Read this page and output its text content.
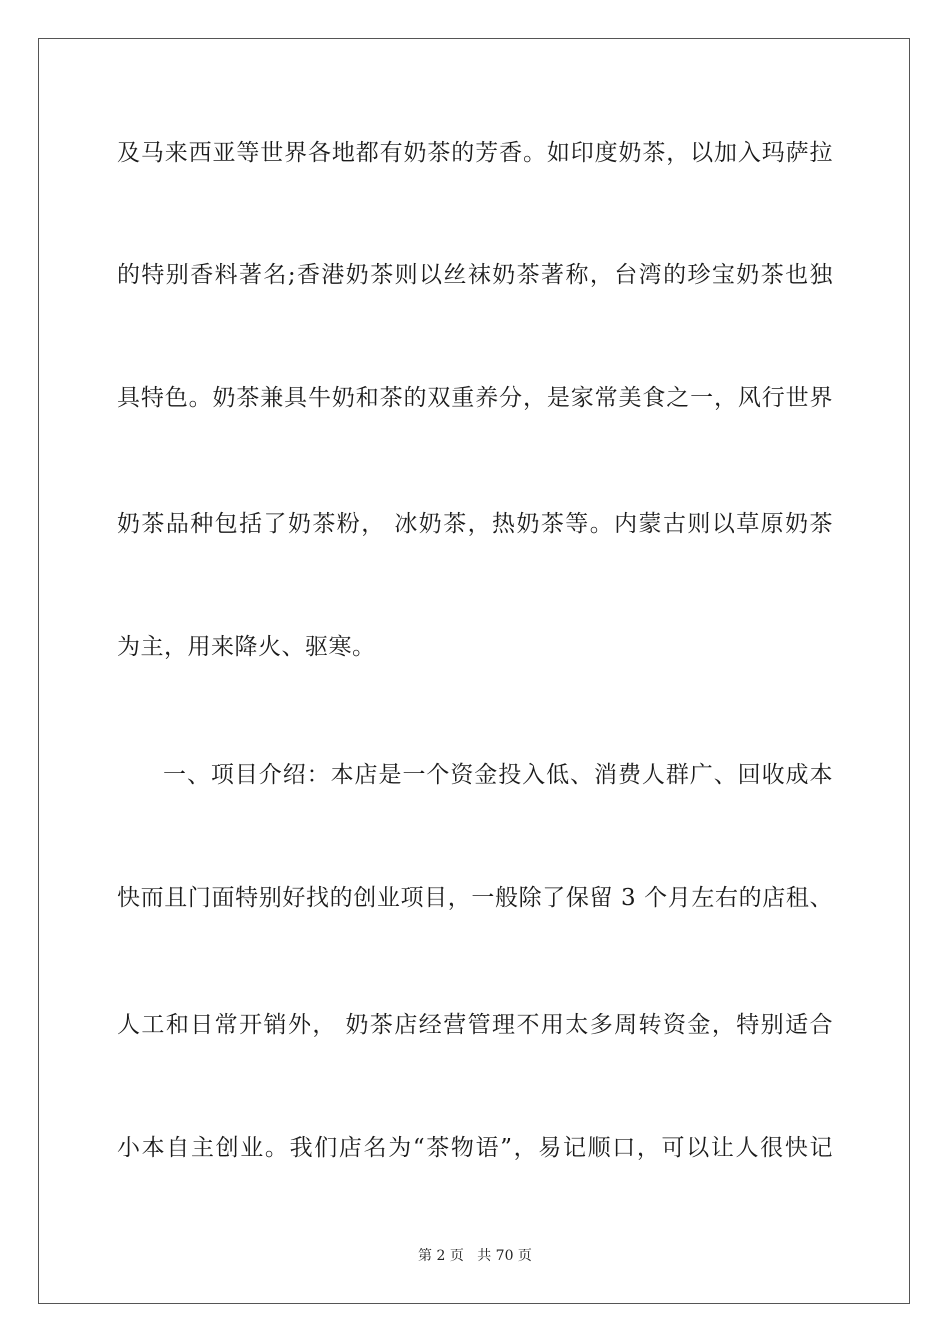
及马来西亚等世界各地都有奶茶的芳香。如印度奶茶，以加入玛萨拉
的特别香料著名;香港奶茶则以丝袜奶茶著称，台湾的珍宝奶茶也独
具特色。奶茶兼具牛奶和茶的双重养分，是家常美食之一，风行世界
奶茶品种包括了奶茶粉， 冰奶茶，热奶茶等。内蒙古则以草原奶茶
为主，用来降火、驱寒。
一、项目介绍：本店是一个资金投入低、消费人群广、回收成本
快而且门面特别好找的创业项目，一般除了保留 3 个月左右的店租、
人工和日常开销外， 奶茶店经营管理不用太多周转资金，特别适合
小本自主创业。我们店名为“茶物语”，易记顺口，可以让人很快记
第 2 页 共 70 页
